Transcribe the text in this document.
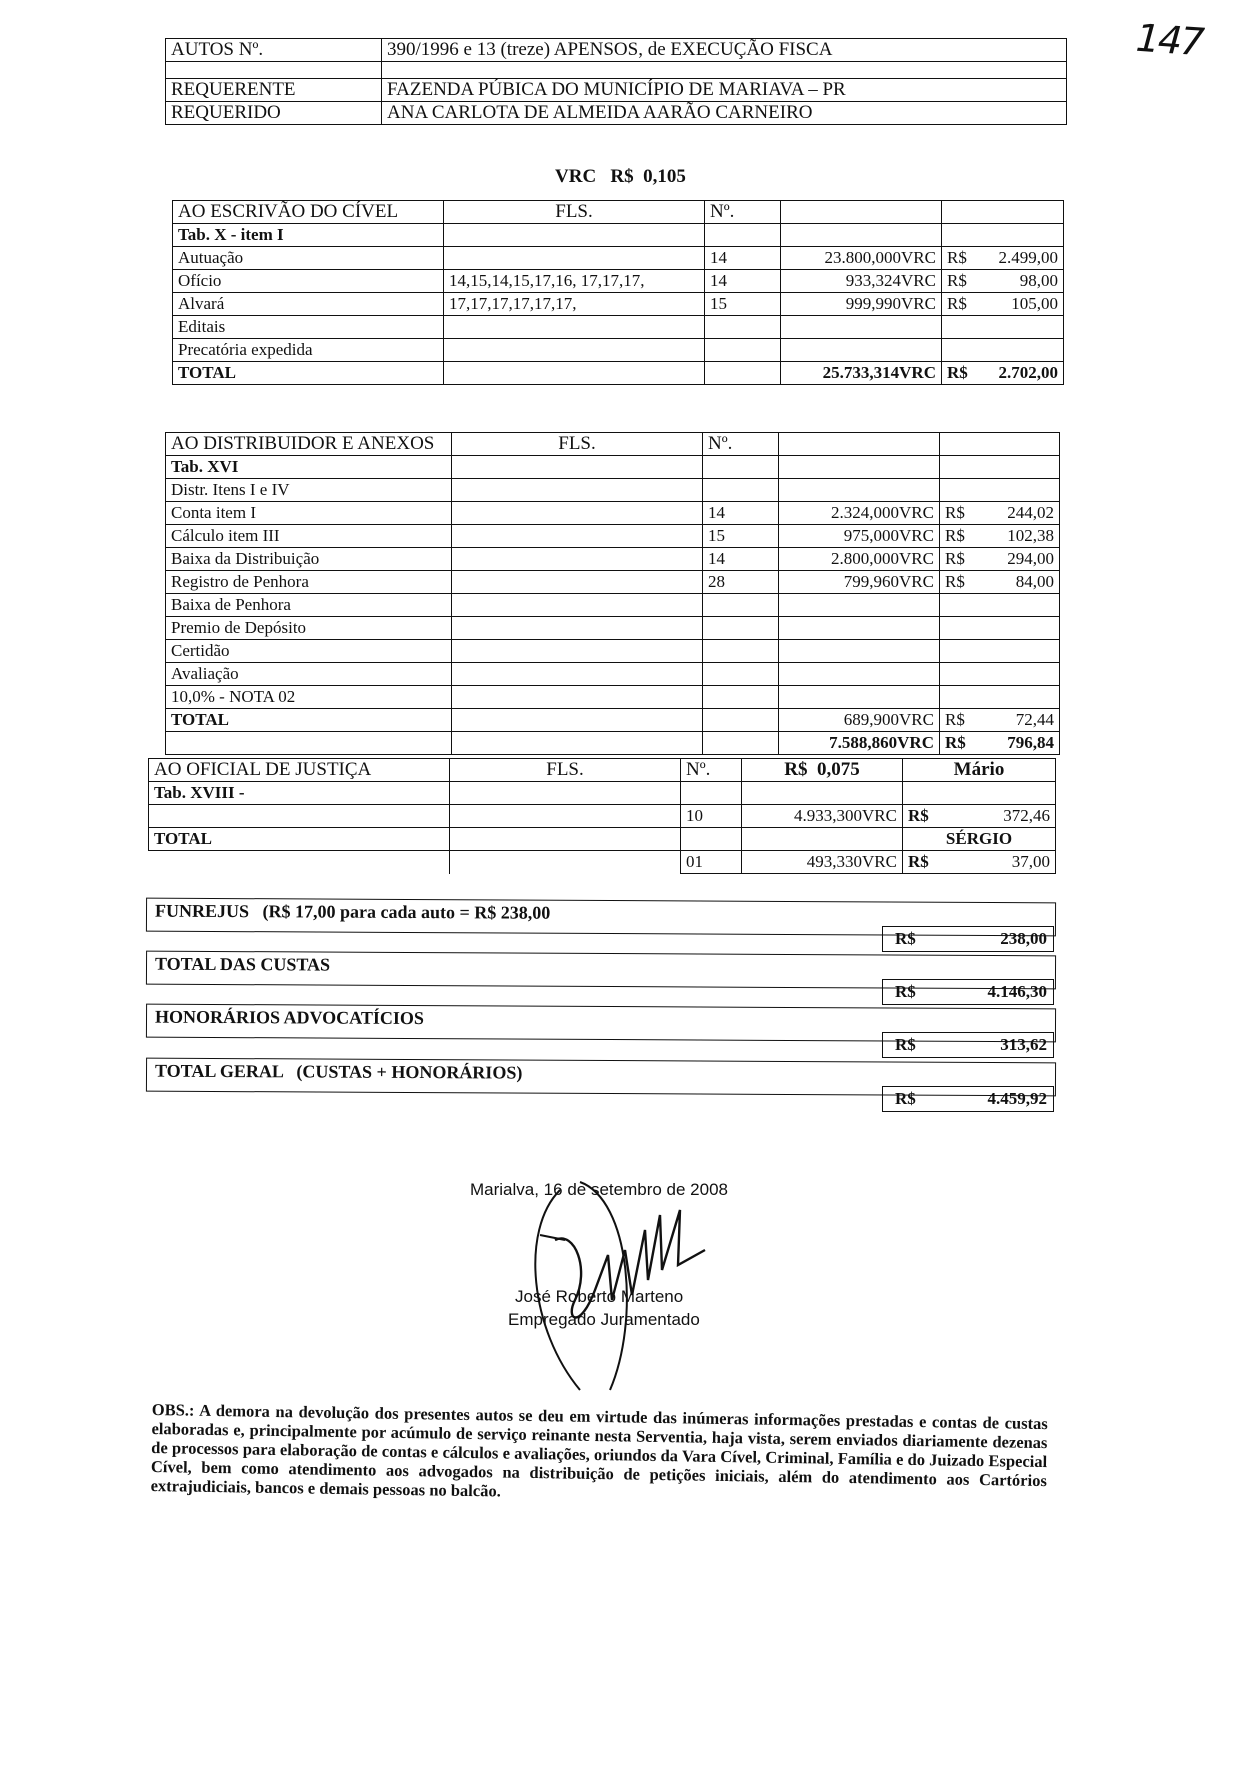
147
AUTOS Nº.	390/1996 e 13 (treze) APENSOS, de EXECUÇÃO FISCA

REQUERENTE	FAZENDA PÚBICA DO MUNICÍPIO DE MARIAVA – PR
REQUERIDO	ANA CARLOTA DE ALMEIDA AARÃO CARNEIRO
VRC   R$  0,105
AO ESCRIVÃO DO CÍVEL	FLS.	Nº.		
Tab. X - item I				
Autuação		14	23.800,000VRC	R$ 2.499,00

Ofício	14,15,14,15,17,16, 17,17,17,	14	933,324VRC	R$ 98,00

Alvará	17,17,17,17,17,17,	15	999,990VRC	R$ 105,00

Editais				
Precatória expedida				
TOTAL			25.733,314VRC	R$ 2.702,00
AO DISTRIBUIDOR E ANEXOS	FLS.	Nº.		
Tab. XVI				
Distr. Itens I e IV				
Conta item I		14	2.324,000VRC	R$ 244,02

Cálculo item III		15	975,000VRC	R$ 102,38

Baixa da Distribuição		14	2.800,000VRC	R$ 294,00

Registro de Penhora		28	799,960VRC	R$ 84,00

Baixa de Penhora				
Premio de Depósito				
Certidão				
Avaliação				
10,0% - NOTA 02				
TOTAL			689,900VRC	R$ 72,44

			7.588,860VRC	R$ 796,84
AO OFICIAL DE JUSTIÇA	FLS.	Nº.	R$  0,075	Mário
Tab. XVIII -				
		10	4.933,300VRC	R$ 372,46

TOTAL				SÉRGIO
		01	493,330VRC	R$ 37,00
FUNREJUS   (R$ 17,00 para cada auto = R$ 238,00
R$	238,00
TOTAL DAS CUSTAS
R$	4.146,30
HONORÁRIOS ADVOCATÍCIOS
R$	313,62
TOTAL GERAL   (CUSTAS + HONORÁRIOS)
R$	4.459,92
Marialva, 16 de setembro de 2008
José Roberto Marteno
Empregado Juramentado
OBS.: A demora na devolução dos presentes autos se deu em virtude das inúmeras informações prestadas e contas de custas elaboradas e, principalmente por acúmulo de serviço reinante nesta Serventia, haja vista, serem enviados diariamente dezenas de processos para elaboração de contas e cálculos e avaliações, oriundos da Vara Cível, Criminal, Família e do Juizado Especial Cível, bem como atendimento aos advogados na distribuição de petições iniciais, além do atendimento aos Cartórios extrajudiciais, bancos e demais pessoas no balcão.
